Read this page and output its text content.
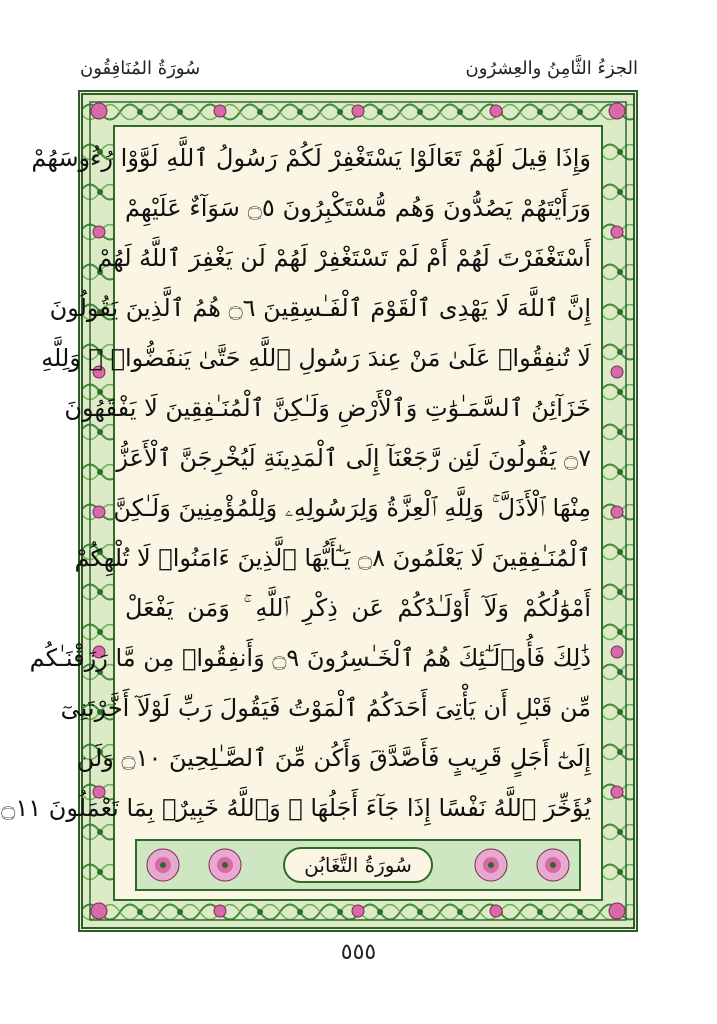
الجزءُ الثَّامِنُ والعِشرُون
سُورَةُ المُنَافِقُون
وَإِذَا قِيلَ لَهُمْ تَعَالَوْا يَسْتَغْفِرْ لَكُمْ رَسُولُ ٱللَّهِ لَوَّوْا رُءُوسَهُمْ
وَرَأَيْتَهُمْ يَصُدُّونَ وَهُم مُّسْتَكْبِرُونَ ۝٥ سَوَآءٌ عَلَيْهِمْ
أَسْتَغْفَرْتَ لَهُمْ أَمْ لَمْ تَسْتَغْفِرْ لَهُمْ لَن يَغْفِرَ ٱللَّهُ لَهُمْ
إِنَّ ٱللَّهَ لَا يَهْدِى ٱلْقَوْمَ ٱلْفَـٰسِقِينَ ۝٦ هُمُ ٱلَّذِينَ يَقُولُونَ
لَا تُنفِقُوا۟ عَلَىٰ مَنْ عِندَ رَسُولِ ٱللَّهِ حَتَّىٰ يَنفَضُّوا۟ ۗ وَلِلَّهِ
خَزَآئِنُ ٱلسَّمَـٰوَٰتِ وَٱلْأَرْضِ وَلَـٰكِنَّ ٱلْمُنَـٰفِقِينَ لَا يَفْقَهُونَ
۝٧ يَقُولُونَ لَئِن رَّجَعْنَآ إِلَى ٱلْمَدِينَةِ لَيُخْرِجَنَّ ٱلْأَعَزُّ
مِنْهَا ٱلْأَذَلَّ ۚ وَلِلَّهِ ٱلْعِزَّةُ وَلِرَسُولِهِۦ وَلِلْمُؤْمِنِينَ وَلَـٰكِنَّ
ٱلْمُنَـٰفِقِينَ لَا يَعْلَمُونَ ۝٨ يَـٰٓأَيُّهَا ٱلَّذِينَ ءَامَنُوا۟ لَا تُلْهِكُمْ
أَمْوَٰلُكُمْ وَلَآ أَوْلَـٰدُكُمْ عَن ذِكْرِ ٱللَّهِ ۚ وَمَن يَفْعَلْ
ذَٰلِكَ فَأُو۟لَـٰٓئِكَ هُمُ ٱلْخَـٰسِرُونَ ۝٩ وَأَنفِقُوا۟ مِن مَّا رَزَقْنَـٰكُم
مِّن قَبْلِ أَن يَأْتِىَ أَحَدَكُمُ ٱلْمَوْتُ فَيَقُولَ رَبِّ لَوْلَآ أَخَّرْتَنِىٓ
إِلَىٰٓ أَجَلٍ قَرِيبٍ فَأَصَّدَّقَ وَأَكُن مِّنَ ٱلصَّـٰلِحِينَ ۝١٠ وَلَن
يُؤَخِّرَ ٱللَّهُ نَفْسًا إِذَا جَآءَ أَجَلُهَا ۚ وَٱللَّهُ خَبِيرٌۢ بِمَا تَعْمَلُونَ ۝١١
سُورَةُ التَّغَابُن
٥٥٥
